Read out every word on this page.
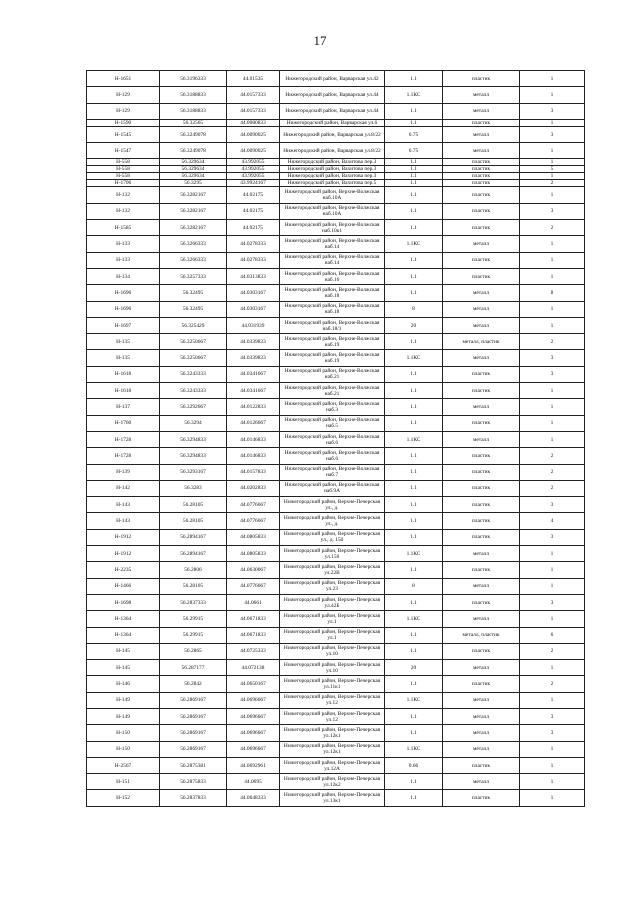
17
Н-1651	56.3196333	44.01535	Нижегородский район, Варварская ул.42	1.1	пластик	1
Н-129	56.3188833	44.0157333	Нижегородский район, Варварская ул.44	1.1КС	металл	1
Н-129	56.3188833	44.0157333	Нижегородский район, Варварская ул.44	1.1	металл	3
Н-1590	56.32565	44.0080833	Нижегородский район, Варварская ул.6	1.1	пластик	1
Н-1545	56.3249078	44.0090025	Нижегородский район, Варварская ул.8/22	0.75	металл	3
Н-1547	56.3249078	44.0090025	Нижегородский район, Варварская ул.8/22	0.75	металл	1
Н-558	56.329634	43.992055	Нижегородский район, Вахитова пер.3	1.1	пластик	1
Н-558	56.329634	43.992055	Нижегородский район, Вахитова пер.3	1.1	пластик	5
Н-558	56.329634	43.992055	Нижегородский район, Вахитова пер.3	1.1	пластик	1
Н-1706	56.3295	43.9924167	Нижегородский район, Вахитова пер.5	1.1	пластик	2
Н-132	56.3282167	44.02175	Нижегородский район, Верхне-Волжская наб.10А	1.1	пластик	1
Н-132	56.3282167	44.02175	Нижегородский район, Верхне-Волжская наб.10А	1.1	пластик	3
Н-1585	56.3282167	44.02175	Нижегородский район, Верхне-Волжская наб.10к1	1.1	пластик	2
Н-133	56.3266333	44.0278333	Нижегородский район, Верхне-Волжская наб.14	1.1КС	металл	1
Н-133	56.3266333	44.0278333	Нижегородский район, Верхне-Волжская наб.14	1.1	пластик	1
Н-134	56.3257333	44.0313833	Нижегородский район, Верхне-Волжская наб.16	1.1	пластик	1
Н-1696	56.32495	44.0303167	Нижегородский район, Верхне-Волжская наб.18	1.1	металл	8
Н-1696	56.32495	44.0303167	Нижегородский район, Верхне-Волжская наб.18	8	металл	1
Н-1697	56.325429	44.031939	Нижегородский район, Верхне-Волжская наб.18/1	20	металл	1
Н-135	56.3250667	44.0339833	Нижегородский район, Верхне-Волжская наб.19	1.1	металл, пластик	2
Н-135	56.3250667	44.0339833	Нижегородский район, Верхне-Волжская наб.19	1.1КС	металл	3
Н-1618	56.3243333	44.0341667	Нижегородский район, Верхне-Волжская наб.21	1.1	пластик	3
Н-1618	56.3243333	44.0341667	Нижегородский район, Верхне-Волжская наб.21	1.1	пластик	1
Н-137	56.3292667	44.0122833	Нижегородский район, Верхне-Волжская наб.3	1.1	металл	1
Н-1760	56.3294	44.0126667	Нижегородский район, Верхне-Волжская наб.5	1.1	пластик	1
Н-1728	56.3294833	44.0146833	Нижегородский район, Верхне-Волжская наб.6	1.1КС	металл	1
Н-1728	56.3294833	44.0146833	Нижегородский район, Верхне-Волжская наб.6	1.1	пластик	2
Н-139	56.3293167	44.0157833	Нижегородский район, Верхне-Волжская наб.7	1.1	пластик	2
Н-142	56.3283	44.0202833	Нижегородский район, Верхне-Волжская наб.9А	1.1	пластик	2
Н-143	56.28105	44.0776667	Нижегородский район, Верхне-Печерская ул., д.	1.1	пластик	3
Н-143	56.28105	44.0776667	Нижегородский район, Верхне-Печерская ул., д.	1.1	пластик	4
Н-1912	56.2894167	44.0805833	Нижегородский район, Верхне-Печерская ул., д. 150	1.1	пластик	3
Н-1912	56.2894167	44.0805833	Нижегородский район, Верхне-Печерская ул.150	1.1КС	металл	1
Н-2235	56.2806	44.0630067	Нижегородский район, Верхне-Печерская ул.22В	1.1	пластик	1
Н-1466	56.28105	44.0776667	Нижегородский район, Верхне-Печерская ул.23	8	металл	1
Н-1698	56.2837333	44.0661	Нижегородский район, Верхне-Печерская ул.42Б	1.1	пластик	3
Н-1364	56.29915	44.0671833	Нижегородский район, Верхне-Печерская ул.1	1.1КС	металл	1
Н-1364	56.29915	44.0671833	Нижегородский район, Верхне-Печерская ул.1	1.1	металл, пластик	6
Н-145	56.2865	44.0725333	Нижегородский район, Верхне-Печерская ул.10	1.1	пластик	2
Н-145	56.287177	44.072138	Нижегородский район, Верхне-Печерская ул.10	20	металл	1
Н-146	56.2842	44.0650167	Нижегородский район, Верхне-Печерская ул.11к1	1.1	пластик	2
Н-149	56.2869167	44.0696667	Нижегородский район, Верхне-Печерская ул.12	1.1КС	металл	1
Н-149	56.2869167	44.0696667	Нижегородский район, Верхне-Печерская ул.12	1.1	металл	3
Н-150	56.2869167	44.0696667	Нижегородский район, Верхне-Печерская ул.12к1	1.1	металл	3
Н-150	56.2869167	44.0696667	Нижегородский район, Верхне-Печерская ул.12к1	1.1КС	металл	1
Н-2567	56.2875381	44.0692961	Нижегородский район, Верхне-Печерская ул.12А	0.66	пластик	1
Н-151	56.2875833	44.0695	Нижегородский район, Верхне-Печерская ул.12к2	1.1	металл	1
Н-152	56.2837833	44.0648333	Нижегородский район, Верхне-Печерская ул.13к1	1.1	пластик	1
